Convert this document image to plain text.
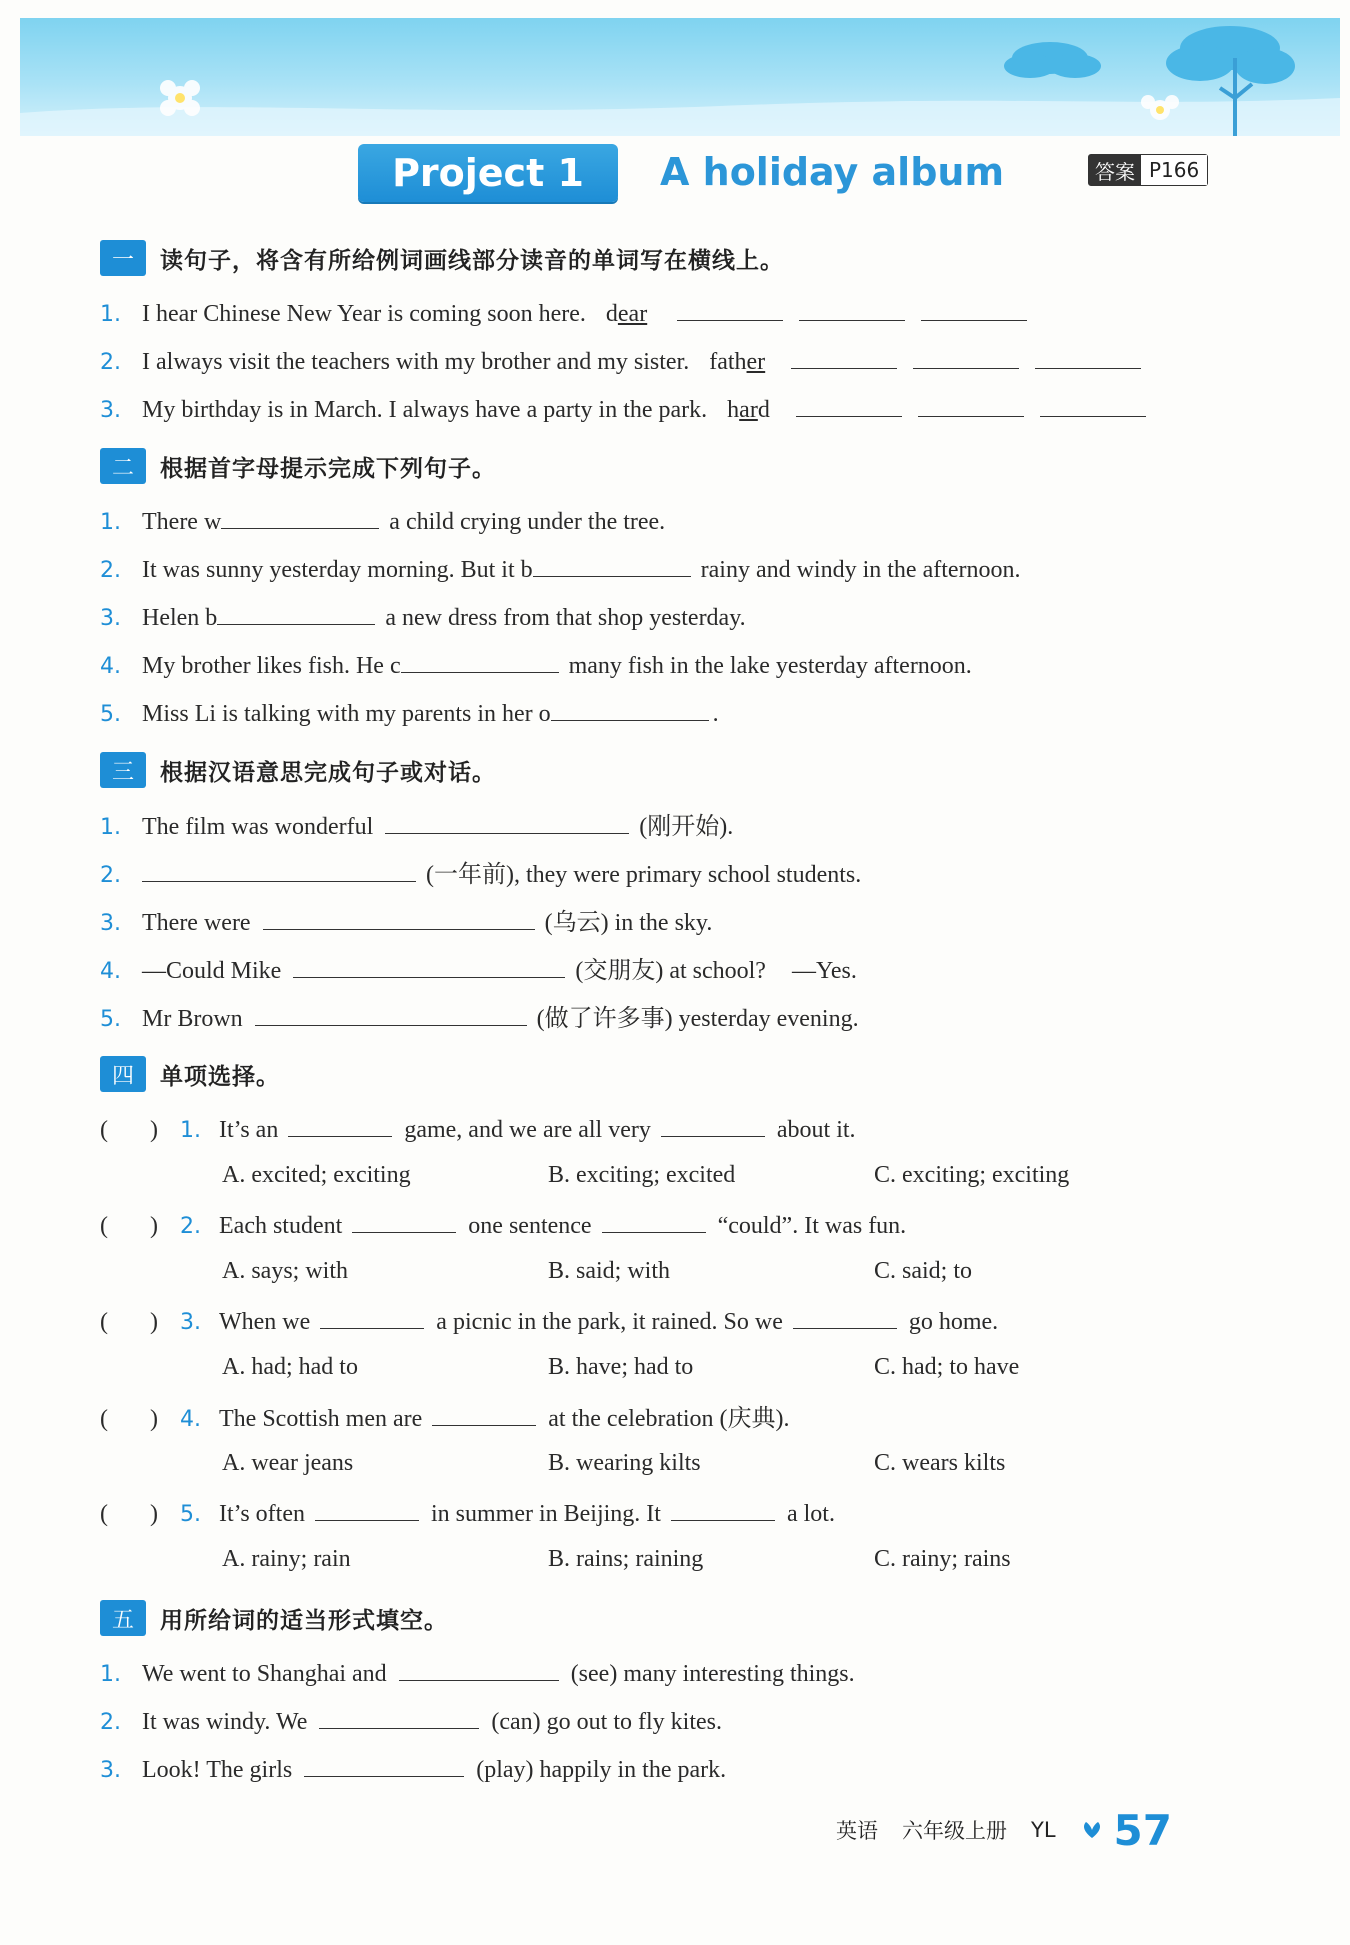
Project 1	A holiday album	答案 P166
一	读句子，将含有所给例词画线部分读音的单词写在横线上。
1. I hear Chinese New Year is coming soon here. dear
2. I always visit the teachers with my brother and my sister. father
3. My birthday is in March. I always have a party in the park. hard
二	根据首字母提示完成下列句子。
1. There w	a child crying under the tree.
2. It was sunny yesterday morning. But it b	rainy and windy in the afternoon.
3. Helen b	a new dress from that shop yesterday.
4. My brother likes fish. He c	many fish in the lake yesterday afternoon.
5. Miss Li is talking with my parents in her o	.
三	根据汉语意思完成句子或对话。
1. The film was wonderful	(刚开始).
2.	(一年前), they were primary school students.
3. There were	(乌云) in the sky.
4. —Could Mike	(交朋友) at school? —Yes.
5. Mr Brown	(做了许多事) yesterday evening.
四	单项选择。
(       )	1. It’s an	game, and we are all very	about it.
A. excited; exciting	B. exciting; excited	C. exciting; exciting
(       )	2. Each student	one sentence	“could”. It was fun.
A. says; with	B. said; with	C. said; to
(       )	3. When we	a picnic in the park, it rained. So we	go home.
A. had; had to	B. have; had to	C. had; to have
(       )	4. The Scottish men are	at the celebration (庆典).
A. wear jeans	B. wearing kilts	C. wears kilts
(       )	5. It’s often	in summer in Beijing. It	a lot.
A. rainy; rain	B. rains; raining	C. rainy; rains
五	用所给词的适当形式填空。
1. We went to Shanghai and	(see) many interesting things.
2. It was windy. We	(can) go out to fly kites.
3. Look! The girls	(play) happily in the park.
英语 六年级上册 YL 57
